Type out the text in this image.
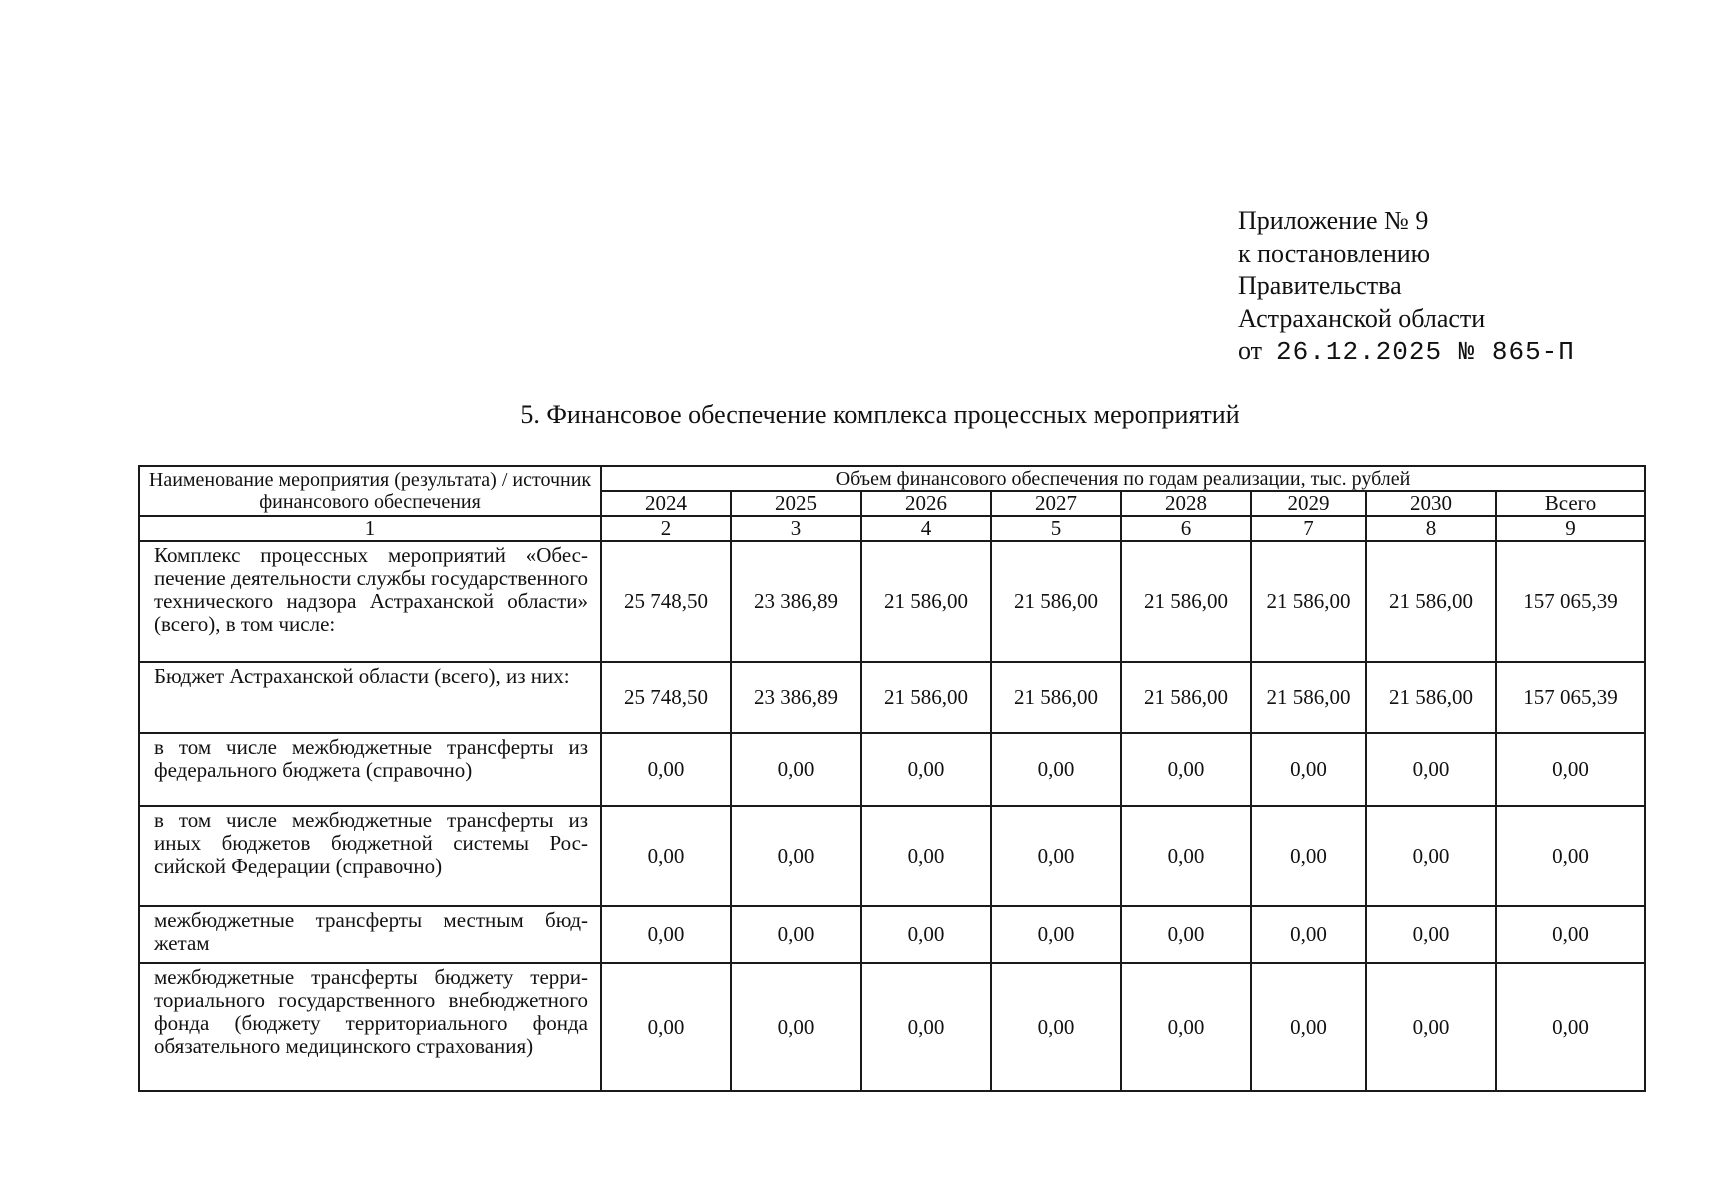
Приложение № 9
к постановлению
Правительства
Астраханской области
от 26.12.2025 № 865-П
5. Финансовое обеспечение комплекса процессных мероприятий
Наименование мероприятия (результата) / источник финансового обеспечения	Объем финансового обеспечения по годам реализации, тыс. рублей							
	2024	2025	2026	2027	2028	2029	2030	Всего
1	2	3	4	5	6	7	8	9
Комплекс процессных мероприятий «Обеспечение деятельности службы государственного технического надзора Астраханской области» (всего), в том числе:	25 748,50	23 386,89	21 586,00	21 586,00	21 586,00	21 586,00	21 586,00	157 065,39
Бюджет Астраханской области (всего), из них:	25 748,50	23 386,89	21 586,00	21 586,00	21 586,00	21 586,00	21 586,00	157 065,39
в том числе межбюджетные трансферты из федерального бюджета (справочно)	0,00	0,00	0,00	0,00	0,00	0,00	0,00	0,00
в том числе межбюджетные трансферты из иных бюджетов бюджетной системы Российской Федерации (справочно)	0,00	0,00	0,00	0,00	0,00	0,00	0,00	0,00
межбюджетные трансферты местным бюджетам	0,00	0,00	0,00	0,00	0,00	0,00	0,00	0,00
межбюджетные трансферты бюджету территориального государственного внебюджетного фонда (бюджету территориального фонда обязательного медицинского страхования)	0,00	0,00	0,00	0,00	0,00	0,00	0,00	0,00
